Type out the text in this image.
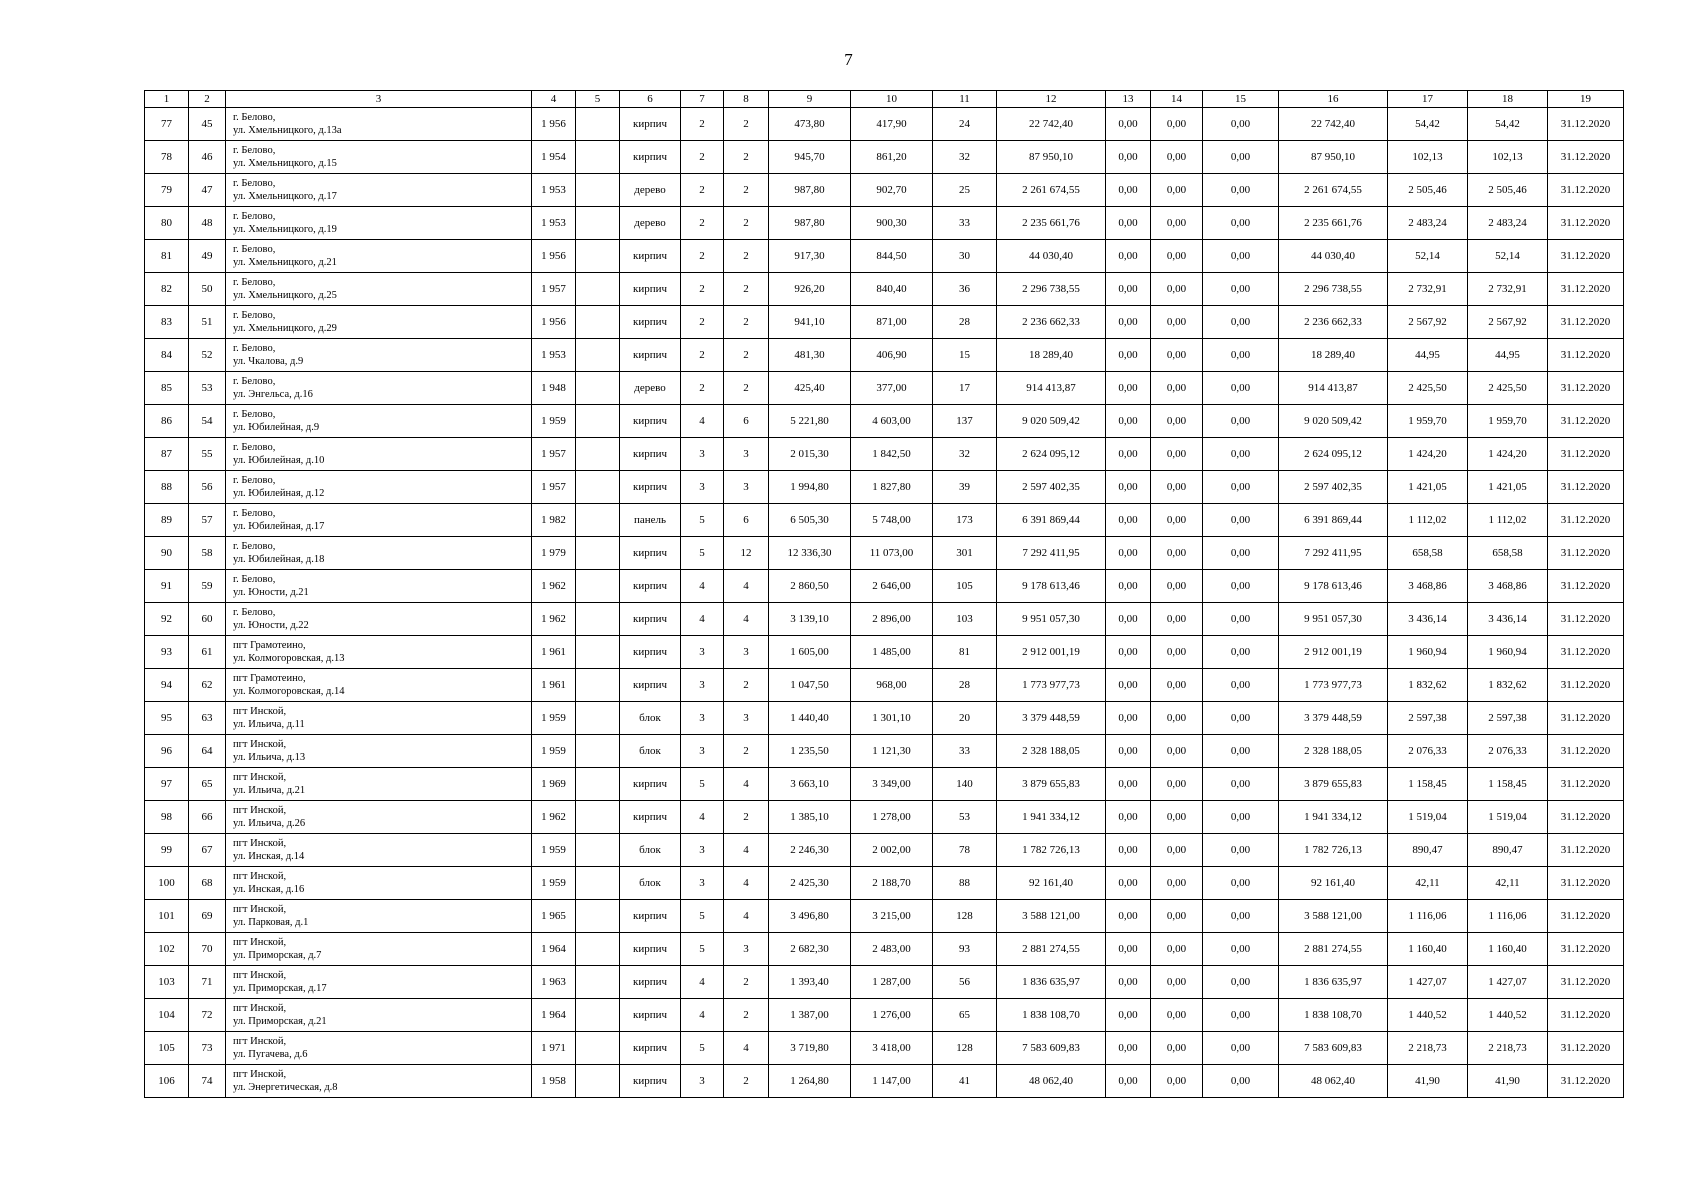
7
1	2	3	4	5	6	7	8	9	10	11	12	13	14	15	16	17	18	19
77	45	г. Белово,
ул. Хмельницкого, д.13а	1 956		кирпич	2	2	473,80	417,90	24	22 742,40	0,00	0,00	0,00	22 742,40	54,42	54,42	31.12.2020
78	46	г. Белово,
ул. Хмельницкого, д.15	1 954		кирпич	2	2	945,70	861,20	32	87 950,10	0,00	0,00	0,00	87 950,10	102,13	102,13	31.12.2020
79	47	г. Белово,
ул. Хмельницкого, д.17	1 953		дерево	2	2	987,80	902,70	25	2 261 674,55	0,00	0,00	0,00	2 261 674,55	2 505,46	2 505,46	31.12.2020
80	48	г. Белово,
ул. Хмельницкого, д.19	1 953		дерево	2	2	987,80	900,30	33	2 235 661,76	0,00	0,00	0,00	2 235 661,76	2 483,24	2 483,24	31.12.2020
81	49	г. Белово,
ул. Хмельницкого, д.21	1 956		кирпич	2	2	917,30	844,50	30	44 030,40	0,00	0,00	0,00	44 030,40	52,14	52,14	31.12.2020
82	50	г. Белово,
ул. Хмельницкого, д.25	1 957		кирпич	2	2	926,20	840,40	36	2 296 738,55	0,00	0,00	0,00	2 296 738,55	2 732,91	2 732,91	31.12.2020
83	51	г. Белово,
ул. Хмельницкого, д.29	1 956		кирпич	2	2	941,10	871,00	28	2 236 662,33	0,00	0,00	0,00	2 236 662,33	2 567,92	2 567,92	31.12.2020
84	52	г. Белово,
ул. Чкалова, д.9	1 953		кирпич	2	2	481,30	406,90	15	18 289,40	0,00	0,00	0,00	18 289,40	44,95	44,95	31.12.2020
85	53	г. Белово,
ул. Энгельса, д.16	1 948		дерево	2	2	425,40	377,00	17	914 413,87	0,00	0,00	0,00	914 413,87	2 425,50	2 425,50	31.12.2020
86	54	г. Белово,
ул. Юбилейная, д.9	1 959		кирпич	4	6	5 221,80	4 603,00	137	9 020 509,42	0,00	0,00	0,00	9 020 509,42	1 959,70	1 959,70	31.12.2020
87	55	г. Белово,
ул. Юбилейная, д.10	1 957		кирпич	3	3	2 015,30	1 842,50	32	2 624 095,12	0,00	0,00	0,00	2 624 095,12	1 424,20	1 424,20	31.12.2020
88	56	г. Белово,
ул. Юбилейная, д.12	1 957		кирпич	3	3	1 994,80	1 827,80	39	2 597 402,35	0,00	0,00	0,00	2 597 402,35	1 421,05	1 421,05	31.12.2020
89	57	г. Белово,
ул. Юбилейная, д.17	1 982		панель	5	6	6 505,30	5 748,00	173	6 391 869,44	0,00	0,00	0,00	6 391 869,44	1 112,02	1 112,02	31.12.2020
90	58	г. Белово,
ул. Юбилейная, д.18	1 979		кирпич	5	12	12 336,30	11 073,00	301	7 292 411,95	0,00	0,00	0,00	7 292 411,95	658,58	658,58	31.12.2020
91	59	г. Белово,
ул. Юности, д.21	1 962		кирпич	4	4	2 860,50	2 646,00	105	9 178 613,46	0,00	0,00	0,00	9 178 613,46	3 468,86	3 468,86	31.12.2020
92	60	г. Белово,
ул. Юности, д.22	1 962		кирпич	4	4	3 139,10	2 896,00	103	9 951 057,30	0,00	0,00	0,00	9 951 057,30	3 436,14	3 436,14	31.12.2020
93	61	пгт Грамотеино,
ул. Колмогоровская, д.13	1 961		кирпич	3	3	1 605,00	1 485,00	81	2 912 001,19	0,00	0,00	0,00	2 912 001,19	1 960,94	1 960,94	31.12.2020
94	62	пгт Грамотеино,
ул. Колмогоровская, д.14	1 961		кирпич	3	2	1 047,50	968,00	28	1 773 977,73	0,00	0,00	0,00	1 773 977,73	1 832,62	1 832,62	31.12.2020
95	63	пгт Инской,
ул. Ильича, д.11	1 959		блок	3	3	1 440,40	1 301,10	20	3 379 448,59	0,00	0,00	0,00	3 379 448,59	2 597,38	2 597,38	31.12.2020
96	64	пгт Инской,
ул. Ильича, д.13	1 959		блок	3	2	1 235,50	1 121,30	33	2 328 188,05	0,00	0,00	0,00	2 328 188,05	2 076,33	2 076,33	31.12.2020
97	65	пгт Инской,
ул. Ильича, д.21	1 969		кирпич	5	4	3 663,10	3 349,00	140	3 879 655,83	0,00	0,00	0,00	3 879 655,83	1 158,45	1 158,45	31.12.2020
98	66	пгт Инской,
ул. Ильича, д.26	1 962		кирпич	4	2	1 385,10	1 278,00	53	1 941 334,12	0,00	0,00	0,00	1 941 334,12	1 519,04	1 519,04	31.12.2020
99	67	пгт Инской,
ул. Инская, д.14	1 959		блок	3	4	2 246,30	2 002,00	78	1 782 726,13	0,00	0,00	0,00	1 782 726,13	890,47	890,47	31.12.2020
100	68	пгт Инской,
ул. Инская, д.16	1 959		блок	3	4	2 425,30	2 188,70	88	92 161,40	0,00	0,00	0,00	92 161,40	42,11	42,11	31.12.2020
101	69	пгт Инской,
ул. Парковая, д.1	1 965		кирпич	5	4	3 496,80	3 215,00	128	3 588 121,00	0,00	0,00	0,00	3 588 121,00	1 116,06	1 116,06	31.12.2020
102	70	пгт Инской,
ул. Приморская, д.7	1 964		кирпич	5	3	2 682,30	2 483,00	93	2 881 274,55	0,00	0,00	0,00	2 881 274,55	1 160,40	1 160,40	31.12.2020
103	71	пгт Инской,
ул. Приморская, д.17	1 963		кирпич	4	2	1 393,40	1 287,00	56	1 836 635,97	0,00	0,00	0,00	1 836 635,97	1 427,07	1 427,07	31.12.2020
104	72	пгт Инской,
ул. Приморская, д.21	1 964		кирпич	4	2	1 387,00	1 276,00	65	1 838 108,70	0,00	0,00	0,00	1 838 108,70	1 440,52	1 440,52	31.12.2020
105	73	пгт Инской,
ул. Пугачева, д.6	1 971		кирпич	5	4	3 719,80	3 418,00	128	7 583 609,83	0,00	0,00	0,00	7 583 609,83	2 218,73	2 218,73	31.12.2020
106	74	пгт Инской,
ул. Энергетическая, д.8	1 958		кирпич	3	2	1 264,80	1 147,00	41	48 062,40	0,00	0,00	0,00	48 062,40	41,90	41,90	31.12.2020
